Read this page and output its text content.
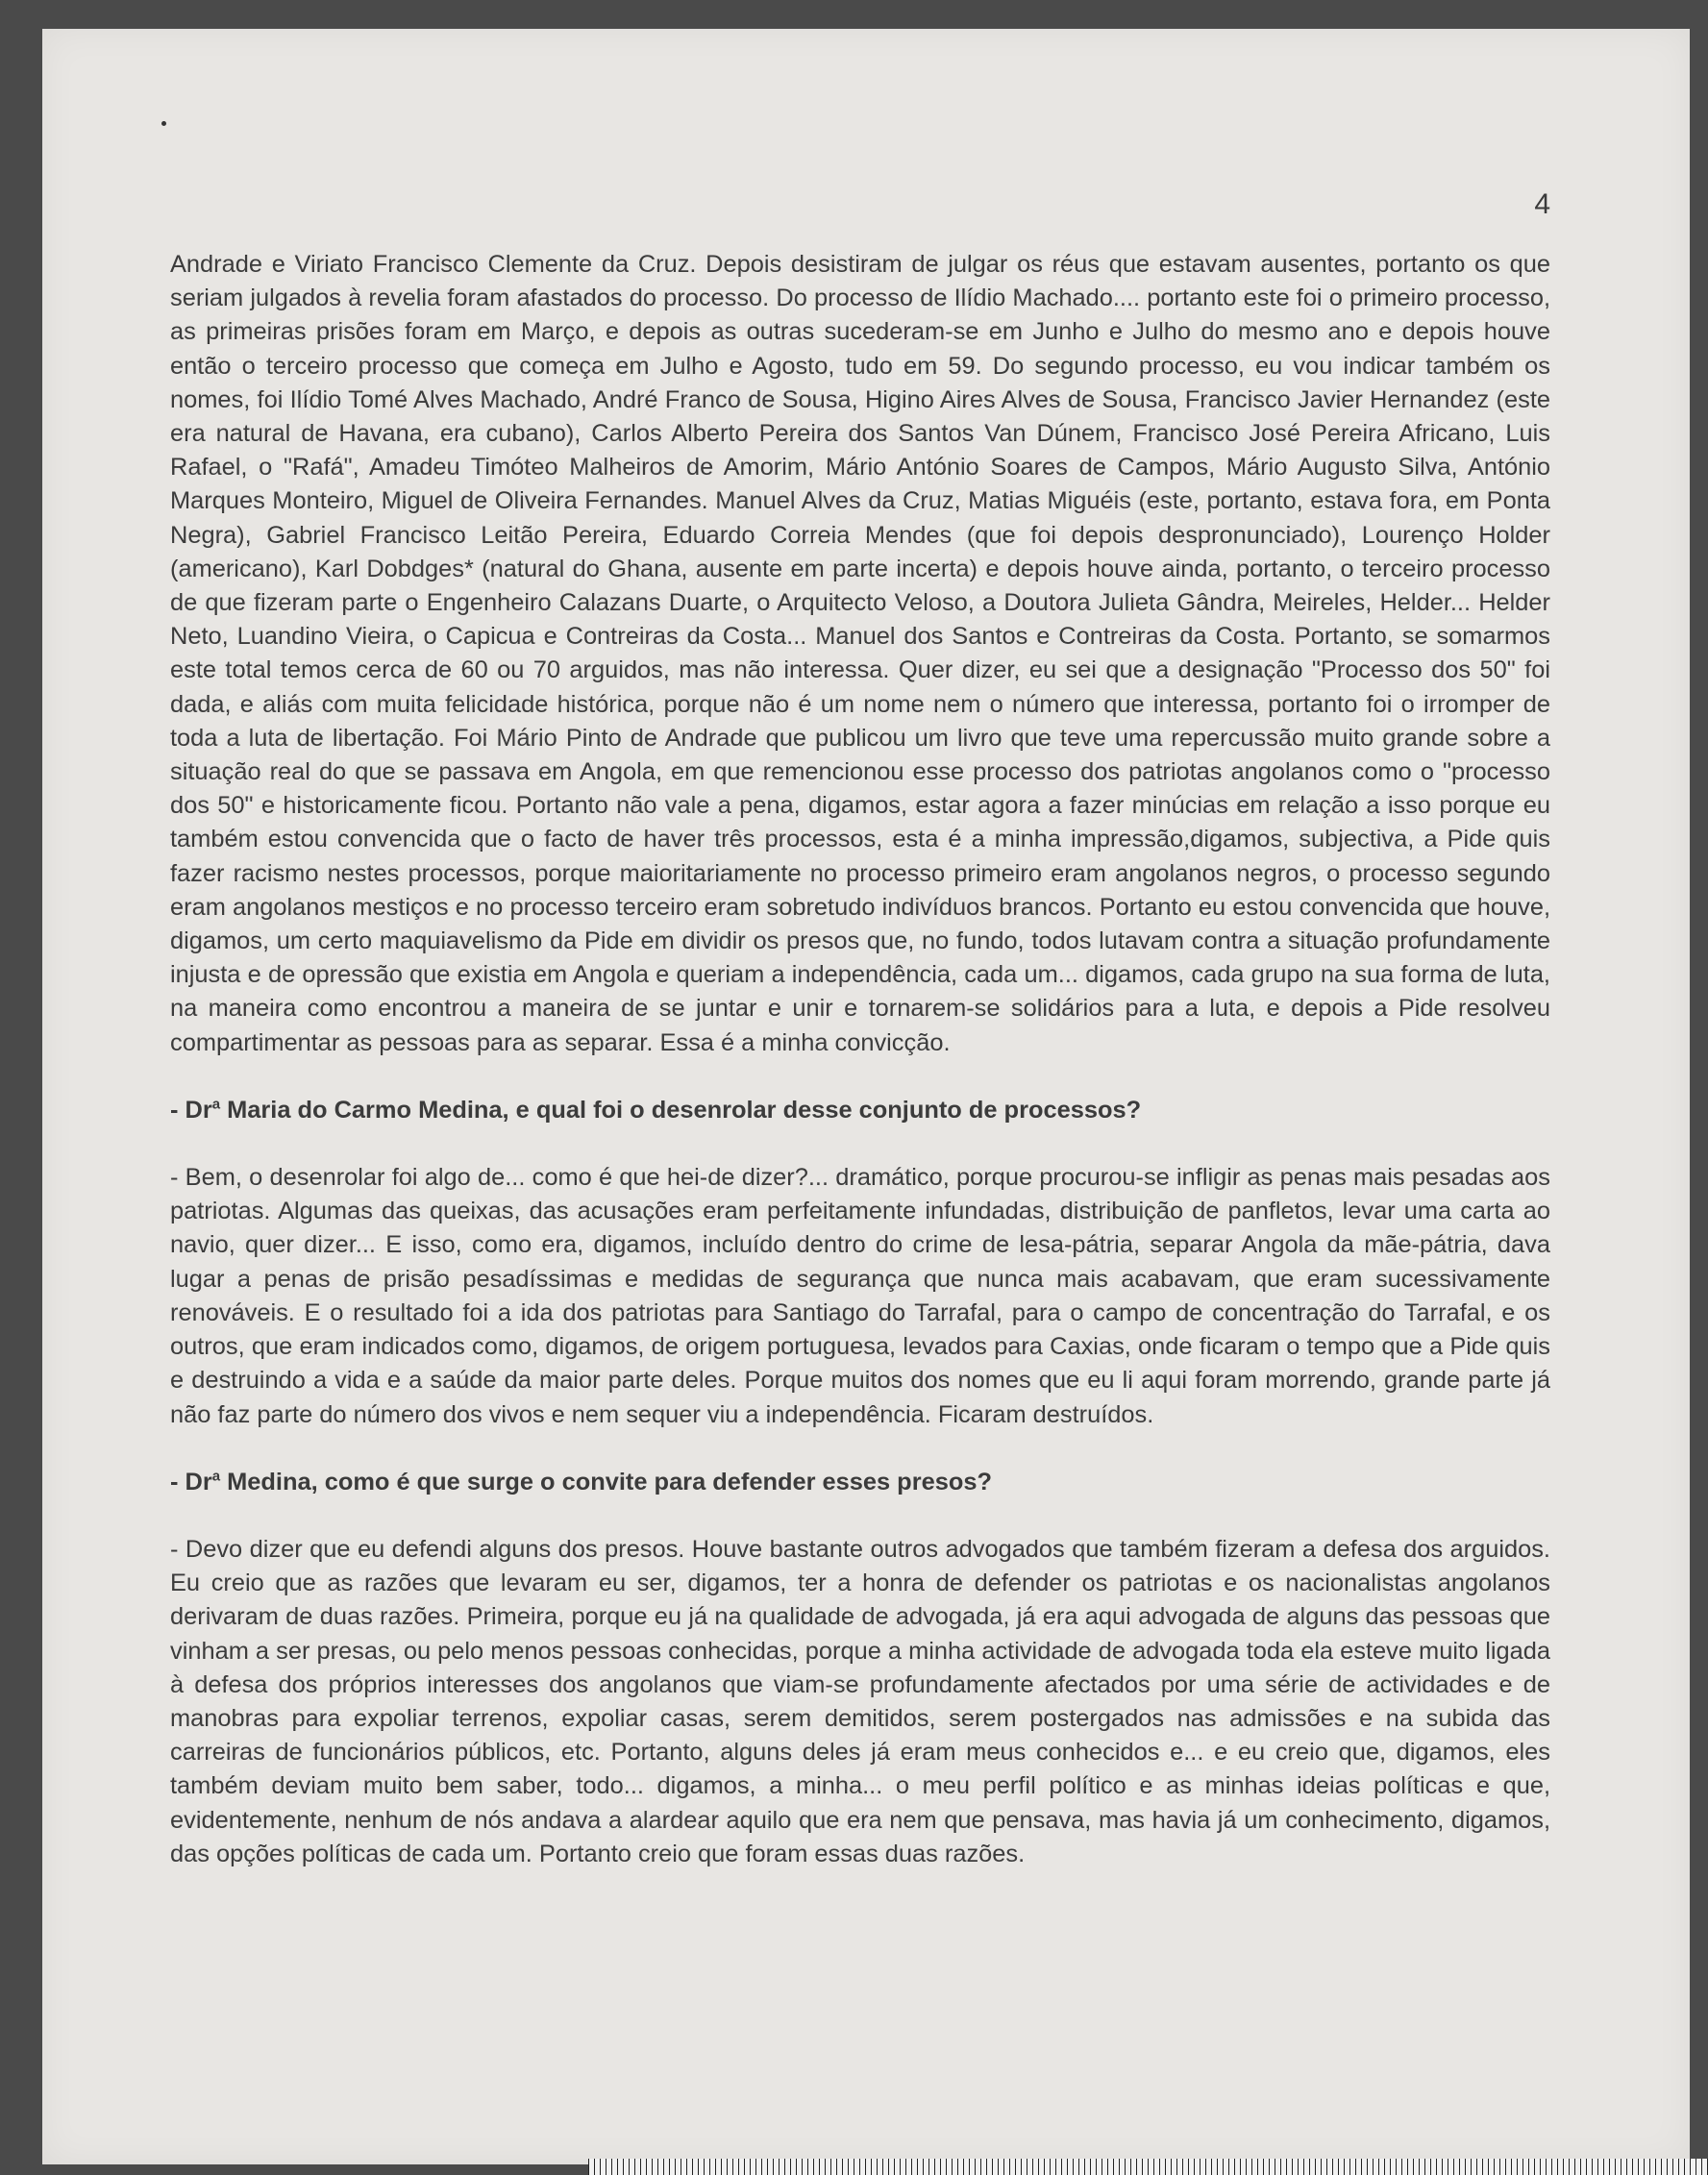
4

Andrade e Viriato Francisco Clemente da Cruz. Depois desistiram de julgar os réus que estavam ausentes, portanto os que seriam julgados à revelia foram afastados do processo. Do processo de Ilídio Machado.... portanto este foi o primeiro processo, as primeiras prisões foram em Março, e depois as outras sucederam-se em Junho e Julho do mesmo ano e depois houve então o terceiro processo que começa em Julho e Agosto, tudo em 59. Do segundo processo, eu vou indicar também os nomes, foi Ilídio Tomé Alves Machado, André Franco de Sousa, Higino Aires Alves de Sousa, Francisco Javier Hernandez (este era natural de Havana, era cubano), Carlos Alberto Pereira dos Santos Van Dúnem, Francisco José Pereira Africano, Luis Rafael, o "Rafá", Amadeu Timóteo Malheiros de Amorim, Mário António Soares de Campos, Mário Augusto Silva, António Marques Monteiro, Miguel de Oliveira Fernandes. Manuel Alves da Cruz, Matias Miguéis (este, portanto, estava fora, em Ponta Negra), Gabriel Francisco Leitão Pereira, Eduardo Correia Mendes (que foi depois despronunciado), Lourenço Holder (americano), Karl Dobdges* (natural do Ghana, ausente em parte incerta) e depois houve ainda, portanto, o terceiro processo de que fizeram parte o Engenheiro Calazans Duarte, o Arquitecto Veloso, a Doutora Julieta Gândra, Meireles, Helder... Helder Neto, Luandino Vieira, o Capicua e Contreiras da Costa... Manuel dos Santos e Contreiras da Costa. Portanto, se somarmos este total temos cerca de 60 ou 70 arguidos, mas não interessa. Quer dizer, eu sei que a designação "Processo dos 50" foi dada, e aliás com muita felicidade histórica, porque não é um nome nem o número que interessa, portanto foi o irromper de toda a luta de libertação. Foi Mário Pinto de Andrade que publicou um livro que teve uma repercussão muito grande sobre a situação real do que se passava em Angola, em que remencionou esse processo dos patriotas angolanos como o "processo dos 50" e historicamente ficou. Portanto não vale a pena, digamos, estar agora a fazer minúcias em relação a isso porque eu também estou convencida que o facto de haver três processos, esta é a minha impressão,digamos, subjectiva, a Pide quis fazer racismo nestes processos, porque maioritariamente no processo primeiro eram angolanos negros, o processo segundo eram angolanos mestiços e no processo terceiro eram sobretudo indivíduos brancos. Portanto eu estou convencida que houve, digamos, um certo maquiavelismo da Pide em dividir os presos que, no fundo, todos lutavam contra a situação profundamente injusta e de opressão que existia em Angola e queriam a independência, cada um... digamos, cada grupo na sua forma de luta, na maneira como encontrou a maneira de se juntar e unir e tornarem-se solidários para a luta, e depois a Pide resolveu compartimentar as pessoas para as separar. Essa é a minha convicção.

- Dr$^a$ Maria do Carmo Medina, e qual foi o desenrolar desse conjunto de processos?

- Bem, o desenrolar foi algo de... como é que hei-de dizer?... dramático, porque procurou-se infligir as penas mais pesadas aos patriotas. Algumas das queixas, das acusações eram perfeitamente infundadas, distribuição de panfletos, levar uma carta ao navio, quer dizer... E isso, como era, digamos, incluído dentro do crime de lesa-pátria, separar Angola da mãe-pátria, dava lugar a penas de prisão pesadíssimas e medidas de segurança que nunca mais acabavam, que eram sucessivamente renováveis. E o resultado foi a ida dos patriotas para Santiago do Tarrafal, para o campo de concentração do Tarrafal, e os outros, que eram indicados como, digamos, de origem portuguesa, levados para Caxias, onde ficaram o tempo que a Pide quis e destruindo a vida e a saúde da maior parte deles. Porque muitos dos nomes que eu li aqui foram morrendo, grande parte já não faz parte do número dos vivos e nem sequer viu a independência. Ficaram destruídos.

- Dr$^a$ Medina, como é que surge o convite para defender esses presos?

- Devo dizer que eu defendi alguns dos presos. Houve bastante outros advogados que também fizeram a defesa dos arguidos. Eu creio que as razões que levaram eu ser, digamos, ter a honra de defender os patriotas e os nacionalistas angolanos derivaram de duas razões. Primeira, porque eu já na qualidade de advogada, já era aqui advogada de alguns das pessoas que vinham a ser presas, ou pelo menos pessoas conhecidas, porque a minha actividade de advogada toda ela esteve muito ligada à defesa dos próprios interesses dos angolanos que viam-se profundamente afectados por uma série de actividades e de manobras para expoliar terrenos, expoliar casas, serem demitidos, serem postergados nas admissões e na subida das carreiras de funcionários públicos, etc. Portanto, alguns deles já eram meus conhecidos e... e eu creio que, digamos, eles também deviam muito bem saber, todo... digamos, a minha... o meu perfil político e as minhas ideias políticas e que, evidentemente, nenhum de nós andava a alardear aquilo que era nem que pensava, mas havia já um conhecimento, digamos, das opções políticas de cada um. Portanto creio que foram essas duas razões.
